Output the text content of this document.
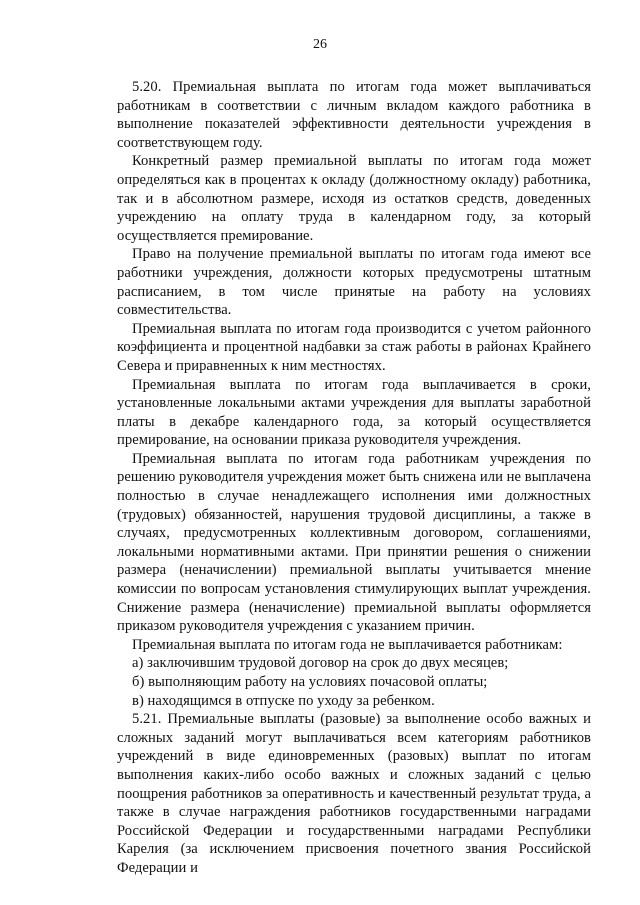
26

5.20. Премиальная выплата по итогам года может выплачиваться работникам в соответствии с личным вкладом каждого работника в выполнение показателей эффективности деятельности учреждения в соответствующем году.

Конкретный размер премиальной выплаты по итогам года может определяться как в процентах к окладу (должностному окладу) работника, так и в абсолютном размере, исходя из остатков средств, доведенных учреждению на оплату труда в календарном году, за который осуществляется премирование.

Право на получение премиальной выплаты по итогам года имеют все работники учреждения, должности которых предусмотрены штатным расписанием, в том числе принятые на работу на условиях совместительства.

Премиальная выплата по итогам года производится с учетом районного коэффициента и процентной надбавки за стаж работы в районах Крайнего Севера и приравненных к ним местностях.

Премиальная выплата по итогам года выплачивается в сроки, установленные локальными актами учреждения для выплаты заработной платы в декабре календарного года, за который осуществляется премирование, на основании приказа руководителя учреждения.

Премиальная выплата по итогам года работникам учреждения по решению руководителя учреждения может быть снижена или не выплачена полностью в случае ненадлежащего исполнения ими должностных (трудовых) обязанностей, нарушения трудовой дисциплины, а также в случаях, предусмотренных коллективным договором, соглашениями, локальными нормативными актами. При принятии решения о снижении размера (неначислении) премиальной выплаты учитывается мнение комиссии по вопросам установления стимулирующих выплат учреждения. Снижение размера (неначисление) премиальной выплаты оформляется приказом руководителя учреждения с указанием причин.

Премиальная выплата по итогам года не выплачивается работникам:

а) заключившим трудовой договор на срок до двух месяцев;

б) выполняющим работу на условиях почасовой оплаты;

в) находящимся в отпуске по уходу за ребенком.

5.21. Премиальные выплаты (разовые) за выполнение особо важных и сложных заданий могут выплачиваться всем категориям работников учреждений в виде единовременных (разовых) выплат по итогам выполнения каких-либо особо важных и сложных заданий с целью поощрения работников за оперативность и качественный результат труда, а также в случае награждения работников государственными наградами Российской Федерации и государственными наградами Республики Карелия (за исключением присвоения почетного звания Российской Федерации и
